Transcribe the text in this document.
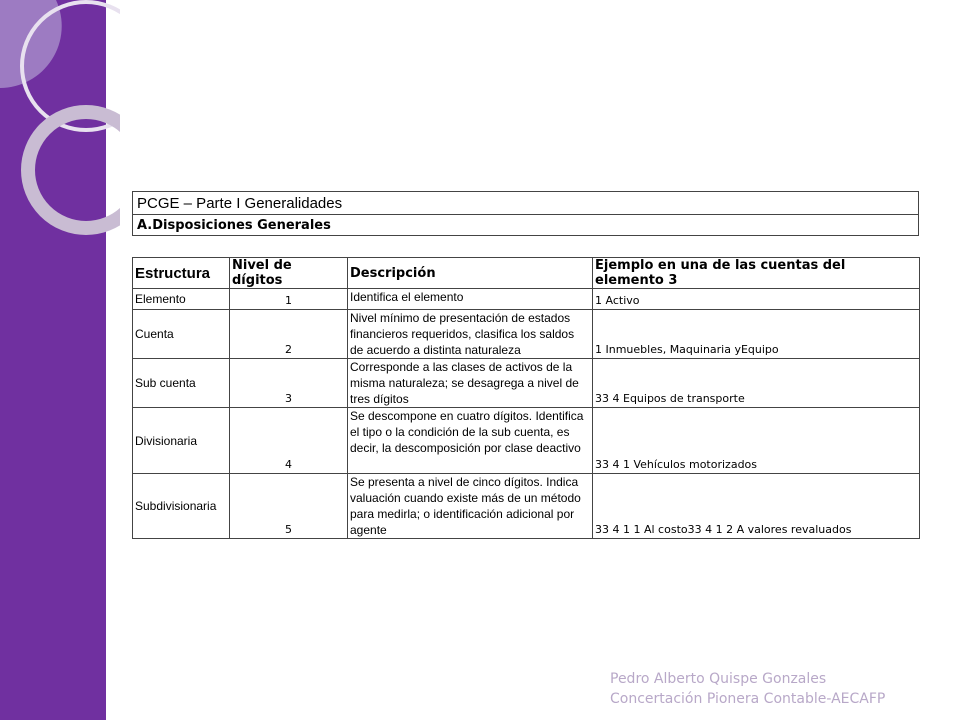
PCGE – Parte I Generalidades
A.Disposiciones Generales
Estructura	Nivel de dígitos	Descripción	Ejemplo en una de las cuentas del elemento 3
Elemento	1	Identifica el elemento	1 Activo
Cuenta	2	Nivel mínimo de presentación de estados financieros requeridos, clasifica los saldos de acuerdo a distinta naturaleza	1 Inmuebles, Maquinaria yEquipo
Sub cuenta	3	Corresponde a las clases de activos de la misma naturaleza; se desagrega a nivel de tres dígitos	33 4 Equipos de transporte
Divisionaria	4	Se descompone en cuatro dígitos. Identifica el tipo o la condición de la sub cuenta, es decir, la descomposición por clase deactivo	33 4 1 Vehículos motorizados
Subdivisionaria	5	Se presenta a nivel de cinco dígitos. Indica valuación cuando existe más de un método para medirla; o identificación adicional por agente	33 4 1 1 Al costo33 4 1 2 A valores revaluados
Pedro Alberto Quispe Gonzales
Concertación Pionera Contable-AECAFP
